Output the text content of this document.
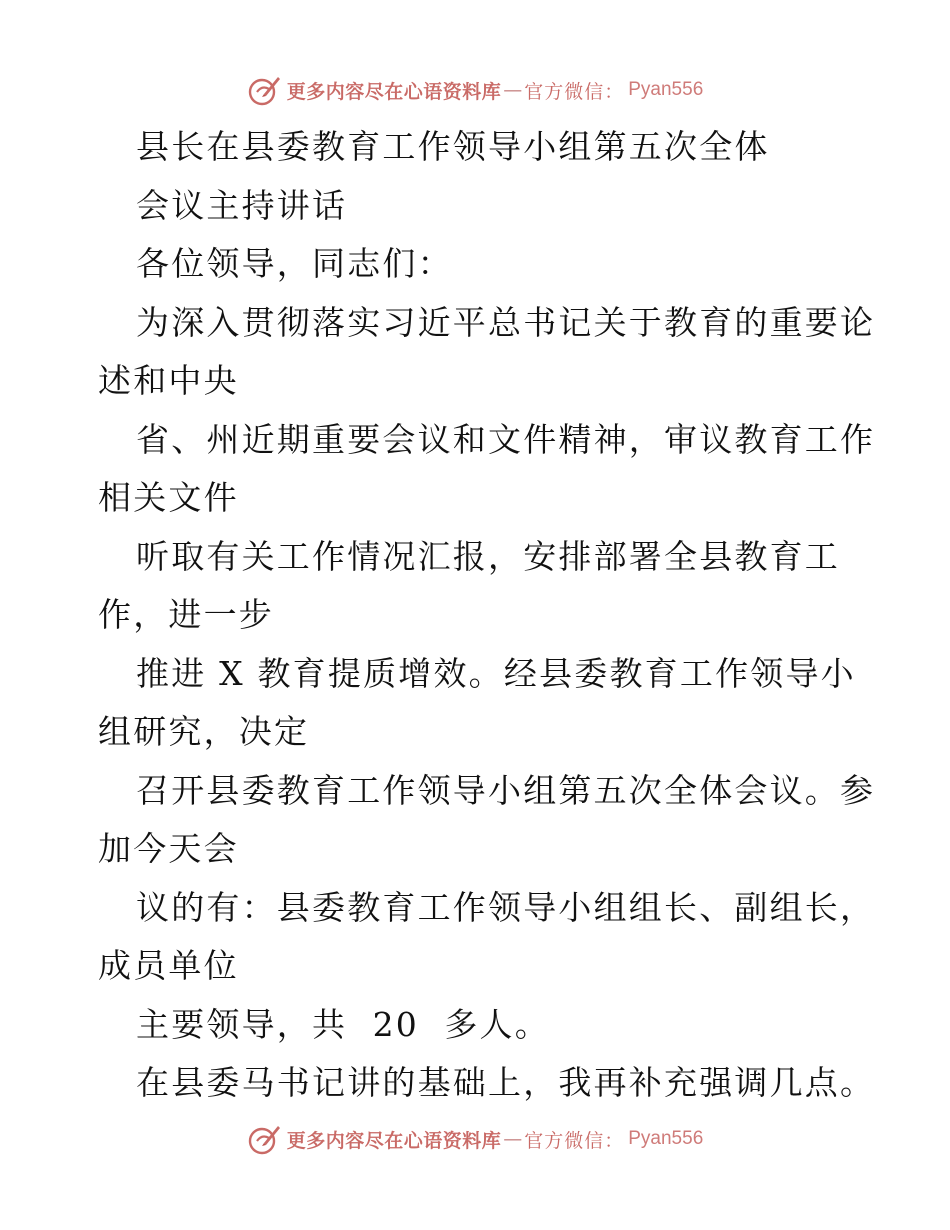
更多内容尽在心语资料库 — 官方微信： Pyan556
县长在县委教育工作领导小组第五次全体
会议主持讲话
各位领导，同志们：
为深入贯彻落实习近平总书记关于教育的重要论
述和中央
省、州近期重要会议和文件精神，审议教育工作
相关文件
听取有关工作情况汇报，安排部署全县教育工
作，进一步
推进 X 教育提质增效。经县委教育工作领导小
组研究，决定
召开县委教育工作领导小组第五次全体会议。参
加今天会
议的有：县委教育工作领导小组组长、副组长，
成员单位
主要领导，共  20  多人。
在县委马书记讲的基础上，我再补充强调几点。
更多内容尽在心语资料库 — 官方微信： Pyan556
